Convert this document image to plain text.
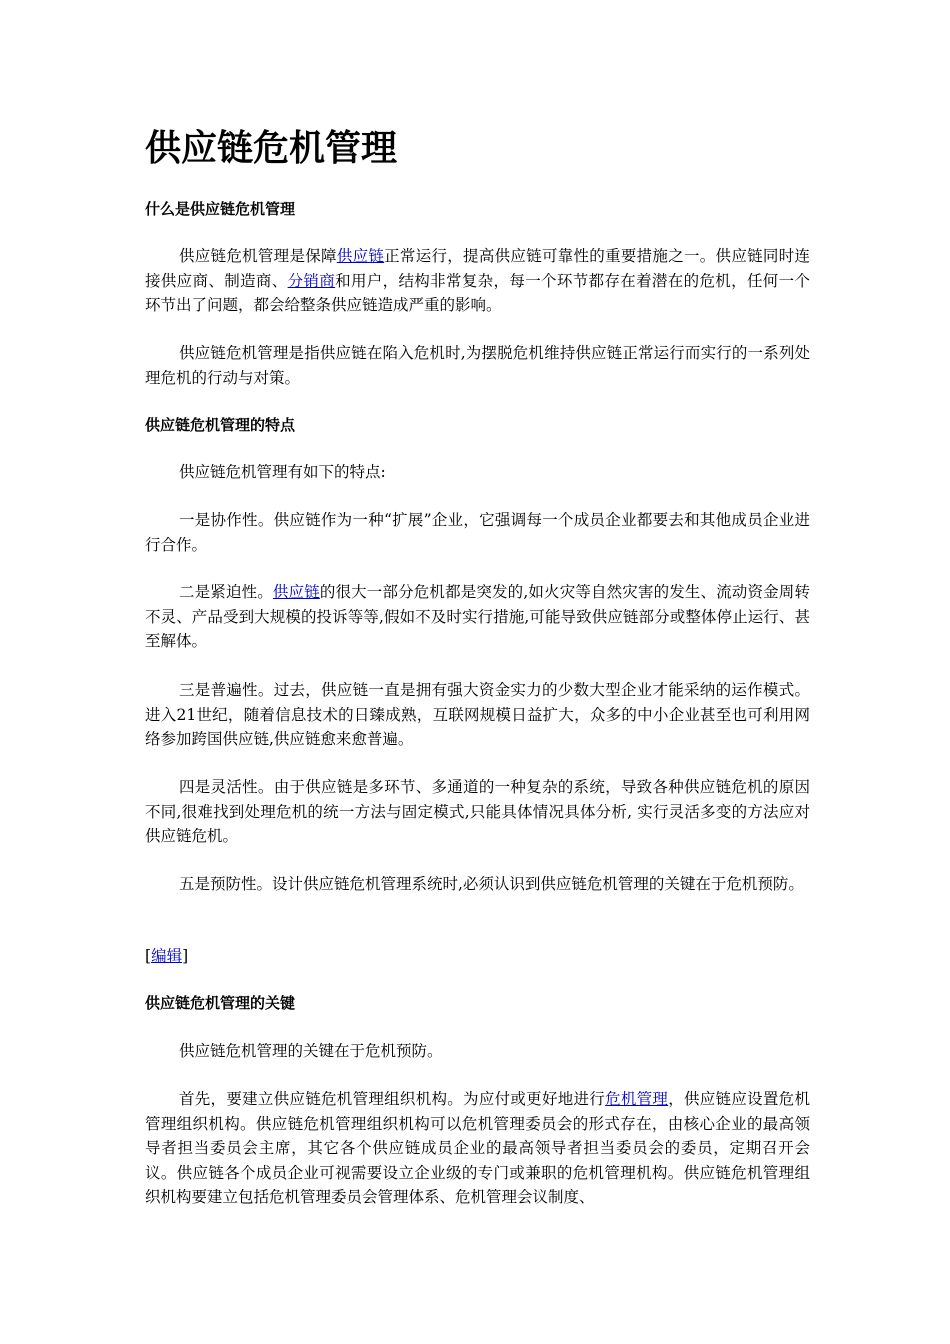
供应链危机管理
什么是供应链危机管理

供应链危机管理是保障供应链正常运行，提高供应链可靠性的重要措施之一。供应链同时连接供应商、制造商、分销商和用户，结构非常复杂，每一个环节都存在着潜在的危机，任何一个环节出了问题，都会给整条供应链造成严重的影响。

供应链危机管理是指供应链在陷入危机时,为摆脱危机维持供应链正常运行而实行的一系列处理危机的行动与对策。

供应链危机管理的特点

供应链危机管理有如下的特点:

一是协作性。供应链作为一种“扩展”企业，它强调每一个成员企业都要去和其他成员企业进行合作。

二是紧迫性。供应链的很大一部分危机都是突发的,如火灾等自然灾害的发生、流动资金周转不灵、产品受到大规模的投诉等等,假如不及时实行措施,可能导致供应链部分或整体停止运行、甚至解体。

三是普遍性。过去，供应链一直是拥有强大资金实力的少数大型企业才能采纳的运作模式。进入21世纪，随着信息技术的日臻成熟，互联网规模日益扩大，众多的中小企业甚至也可利用网络参加跨国供应链,供应链愈来愈普遍。

四是灵活性。由于供应链是多环节、多通道的一种复杂的系统，导致各种供应链危机的原因不同,很难找到处理危机的统一方法与固定模式,只能具体情况具体分析, 实行灵活多变的方法应对供应链危机。

五是预防性。设计供应链危机管理系统时,必须认识到供应链危机管理的关键在于危机预防。

[编辑]

供应链危机管理的关键

供应链危机管理的关键在于危机预防。

首先，要建立供应链危机管理组织机构。为应付或更好地进行危机管理，供应链应设置危机管理组织机构。供应链危机管理组织机构可以危机管理委员会的形式存在，由核心企业的最高领导者担当委员会主席，其它各个供应链成员企业的最高领导者担当委员会的委员，定期召开会议。供应链各个成员企业可视需要设立企业级的专门或兼职的危机管理机构。供应链危机管理组织机构要建立包括危机管理委员会管理体系、危机管理会议制度、
